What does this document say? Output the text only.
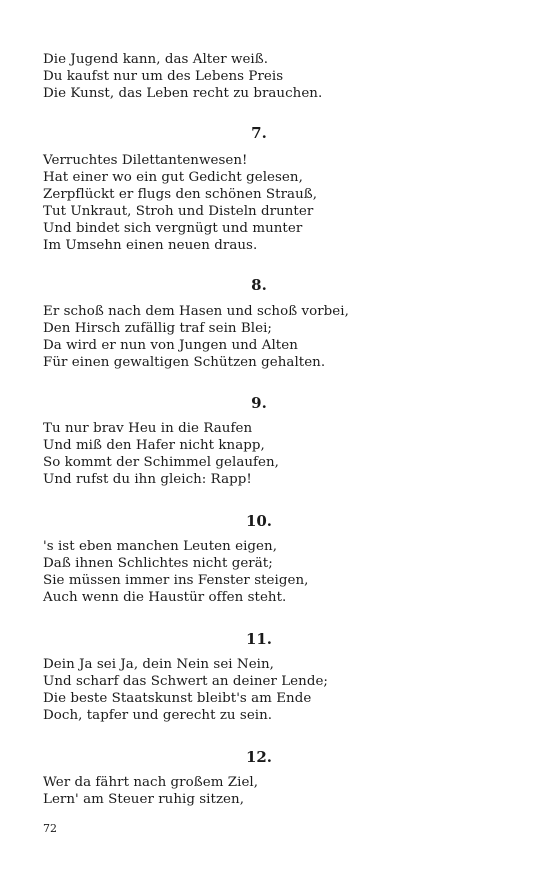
Die Jugend kann, das Alter weiß.
Du kaufst nur um des Lebens Preis
Die Kunst, das Leben recht zu brauchen.
7.
Verruchtes Dilettantenwesen!
Hat einer wo ein gut Gedicht gelesen,
Zerpflückt er flugs den schönen Strauß,
Tut Unkraut, Stroh und Disteln drunter
Und bindet sich vergnügt und munter
Im Umsehn einen neuen draus.
8.
Er schoß nach dem Hasen und schoß vorbei,
Den Hirsch zufällig traf sein Blei;
Da wird er nun von Jungen und Alten
Für einen gewaltigen Schützen gehalten.
9.
Tu nur brav Heu in die Raufen
Und miß den Hafer nicht knapp,
So kommt der Schimmel gelaufen,
Und rufst du ihn gleich: Rapp!
10.
's ist eben manchen Leuten eigen,
Daß ihnen Schlichtes nicht gerät;
Sie müssen immer ins Fenster steigen,
Auch wenn die Haustür offen steht.
11.
Dein Ja sei Ja, dein Nein sei Nein,
Und scharf das Schwert an deiner Lende;
Die beste Staatskunst bleibt's am Ende
Doch, tapfer und gerecht zu sein.
12.
Wer da fährt nach großem Ziel,
Lern' am Steuer ruhig sitzen,
72
